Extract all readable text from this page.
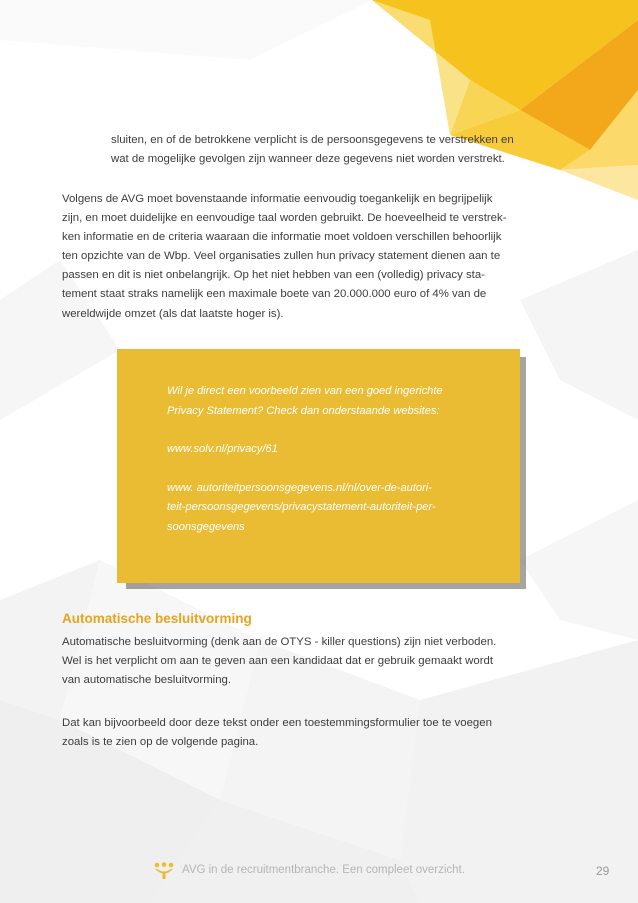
sluiten, en of de betrokkene verplicht is de persoonsgegevens te verstrekken en
wat de mogelijke gevolgen zijn wanneer deze gegevens niet worden verstrekt.
Volgens de AVG moet bovenstaande informatie eenvoudig toegankelijk en begrijpelijk
zijn, en moet duidelijke en eenvoudige taal worden gebruikt. De hoeveelheid te verstrek-
ken informatie en de criteria waaraan die informatie moet voldoen verschillen behoorlijk
ten opzichte van de Wbp. Veel organisaties zullen hun privacy statement dienen aan te
passen en dit is niet onbelangrijk. Op het niet hebben van een (volledig) privacy sta-
tement staat straks namelijk een maximale boete van 20.000.000 euro of 4% van de
wereldwijde omzet (als dat laatste hoger is).

Wil je direct een voorbeeld zien van een goed ingerichte

Privacy Statement? Check dan onderstaande websites:

www.solv.nl/privacy/61

www. autoriteitpersoonsgegevens.nl/nl/over-de-autori-

teit-persoonsgegevens/privacystatement-autoriteit-per-

soonsgegevens

Automatische besluitvorming
Automatische besluitvorming (denk aan de OTYS - killer questions) zijn niet verboden.
Wel is het verplicht om aan te geven aan een kandidaat dat er gebruik gemaakt wordt
van automatische besluitvorming.
Dat kan bijvoorbeeld door deze tekst onder een toestemmingsformulier toe te voegen
zoals is te zien op de volgende pagina.
AVG in de recruitmentbranche. Een compleet overzicht.	29
